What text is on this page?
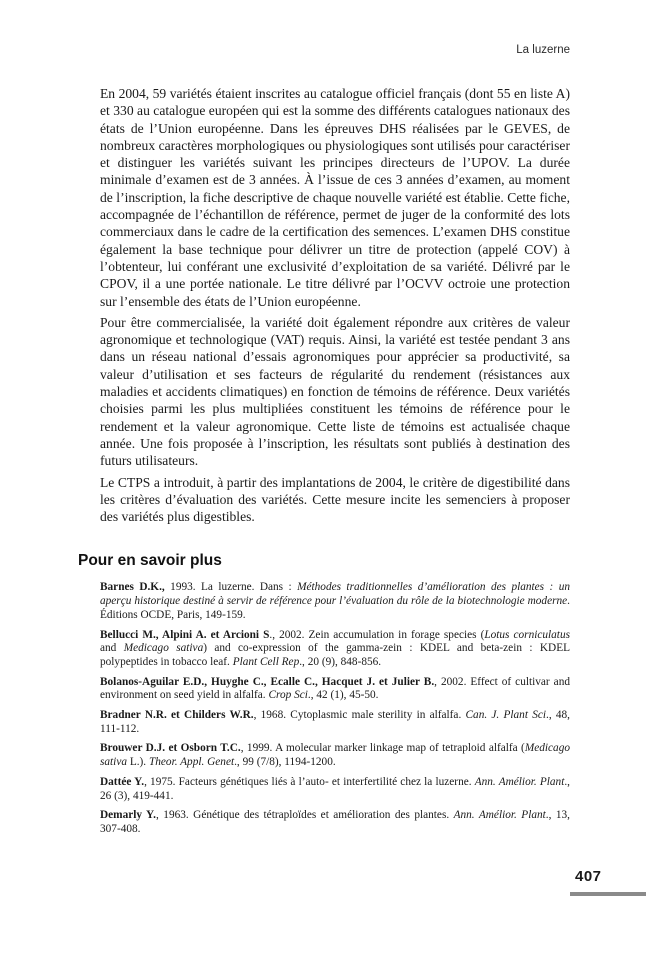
La luzerne

En 2004, 59 variétés étaient inscrites au catalogue officiel français (dont 55 en liste A) et 330 au catalogue européen qui est la somme des différents catalogues nationaux des états de l’Union européenne. Dans les épreuves DHS réalisées par le GEVES, de nombreux caractères morphologiques ou physiologiques sont utilisés pour caractériser et distinguer les variétés suivant les principes directeurs de l’UPOV. La durée minimale d’examen est de 3 années. À l’issue de ces 3 années d’examen, au moment de l’inscription, la fiche descriptive de chaque nouvelle variété est établie. Cette fiche, accompagnée de l’échantillon de référence, permet de juger de la conformité des lots commerciaux dans le cadre de la certification des semences. L’examen DHS constitue également la base technique pour délivrer un titre de protection (appelé COV) à l’obtenteur, lui conférant une exclusivité d’exploitation de sa variété. Délivré par le CPOV, il a une portée nationale. Le titre délivré par l’OCVV octroie une protection sur l’ensemble des états de l’Union européenne.

Pour être commercialisée, la variété doit également répondre aux critères de valeur agronomique et technologique (VAT) requis. Ainsi, la variété est testée pendant 3 ans dans un réseau national d’essais agronomiques pour apprécier sa productivité, sa valeur d’utilisation et ses facteurs de régularité du rendement (résistances aux maladies et accidents climatiques) en fonction de témoins de référence. Deux variétés choisies parmi les plus multipliées constituent les témoins de référence pour le rendement et la valeur agronomique. Cette liste de témoins est actualisée chaque année. Une fois proposée à l’inscription, les résultats sont publiés à destination des futurs utilisateurs.

Le CTPS a introduit, à partir des implantations de 2004, le critère de digestibilité dans les critères d’évaluation des variétés. Cette mesure incite les semenciers à proposer des variétés plus digestibles.

Pour en savoir plus

Barnes D.K., 1993. La luzerne. Dans : Méthodes traditionnelles d’amélioration des plantes : un aperçu historique destiné à servir de référence pour l’évaluation du rôle de la biotechnologie moderne. Éditions OCDE, Paris, 149-159.

Bellucci M., Alpini A. et Arcioni S., 2002. Zein accumulation in forage species (Lotus corniculatus and Medicago sativa) and co-expression of the gamma-zein : KDEL and beta-zein : KDEL polypeptides in tobacco leaf. Plant Cell Rep., 20 (9), 848-856.

Bolanos-Aguilar E.D., Huyghe C., Ecalle C., Hacquet J. et Julier B., 2002. Effect of cultivar and environment on seed yield in alfalfa. Crop Sci., 42 (1), 45-50.

Bradner N.R. et Childers W.R., 1968. Cytoplasmic male sterility in alfalfa. Can. J. Plant Sci., 48, 111-112.

Brouwer D.J. et Osborn T.C., 1999. A molecular marker linkage map of tetraploid alfalfa (Medicago sativa L.). Theor. Appl. Genet., 99 (7/8), 1194-1200.

Dattée Y., 1975. Facteurs génétiques liés à l’auto- et interfertilité chez la luzerne. Ann. Amélior. Plant., 26 (3), 419-441.

Demarly Y., 1963. Génétique des tétraploïdes et amélioration des plantes. Ann. Amélior. Plant., 13, 307-408.

407
